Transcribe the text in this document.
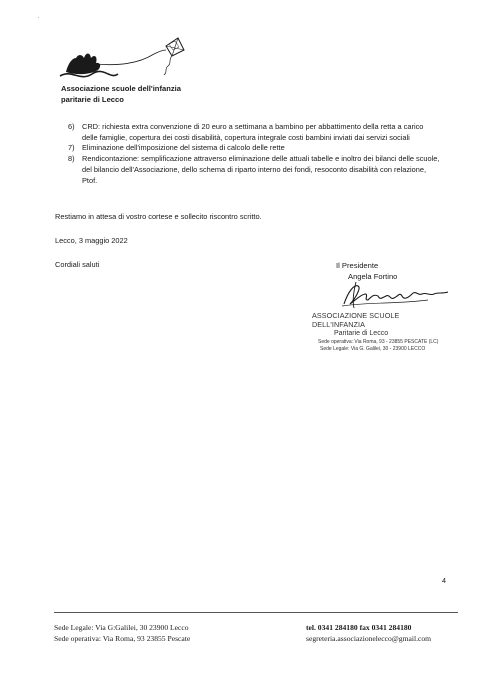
·
Associazione scuole dell'infanzia
paritarie di Lecco
6)	CRD: richiesta extra convenzione di 20 euro a settimana a bambino per abbattimento della retta a carico delle famiglie, copertura dei costi disabilità, copertura integrale costi bambini inviati dai servizi sociali
7)	Eliminazione dell'imposizione del sistema di calcolo delle rette
8)	Rendicontazione: semplificazione attraverso eliminazione delle attuali tabelle e inoltro dei bilanci delle scuole, del bilancio dell'Associazione, dello schema di riparto interno dei fondi, resoconto disabilità con relazione, Ptof.
Restiamo in attesa di vostro cortese e sollecito riscontro scritto.
Lecco, 3 maggio 2022
Cordiali saluti	Il Presidente
Angela Fortino
ASSOCIAZIONE SCUOLE DELL'INFANZIA
Paritarie di Lecco
Sede operativa: Via Roma, 93 - 23855 PESCATE (LC)
Sede Legale: Via G. Galilei, 30 - 23900 LECCO
4
Sede Legale: Via G:Galilei, 30 23900 Lecco
Sede operativa: Via Roma, 93 23855 Pescate
tel. 0341 284180 fax 0341 284180
segreteria.associazionelecco@gmail.com
